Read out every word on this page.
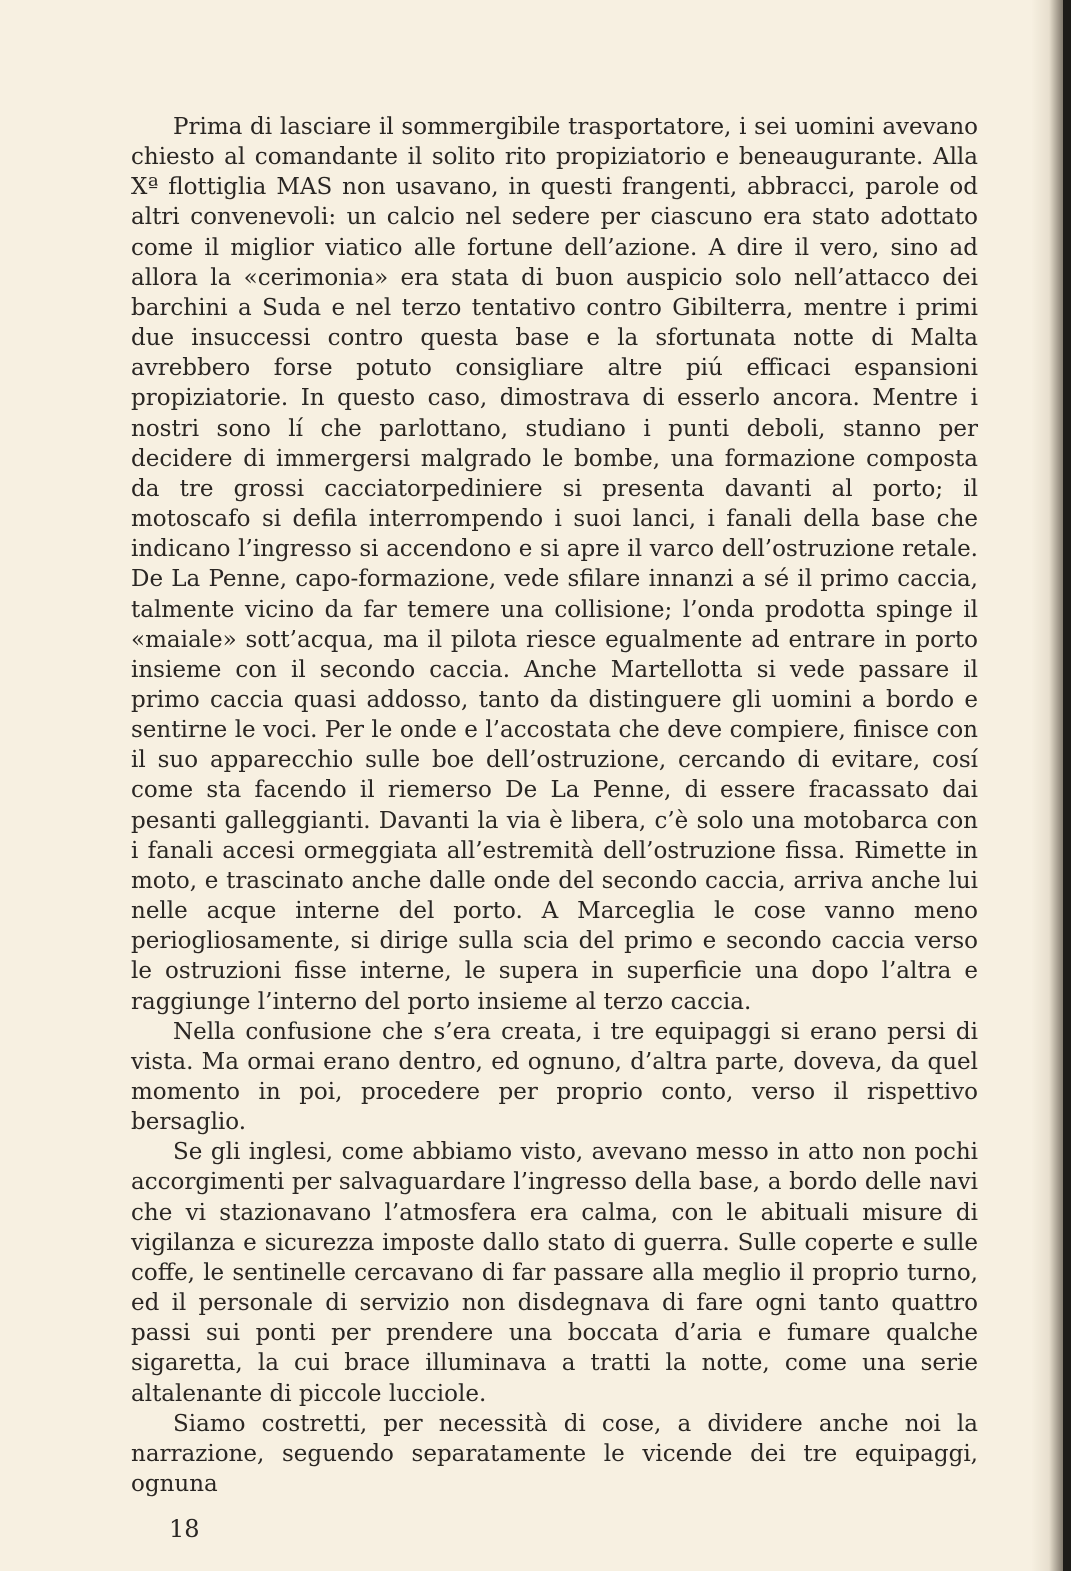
Prima di lasciare il sommergibile trasportatore, i sei uomini avevano chiesto al comandante il solito rito propiziatorio e beneaugurante. Alla Xª flottiglia MAS non usavano, in questi frangenti, abbracci, parole od altri convenevoli: un calcio nel sedere per ciascuno era stato adottato come il miglior viatico alle fortune dell’azione. A dire il vero, sino ad allora la «cerimonia» era stata di buon auspicio solo nell’attacco dei barchini a Suda e nel terzo tentativo contro Gibilterra, mentre i primi due insuccessi contro questa base e la sfortunata notte di Malta avrebbero forse potuto consigliare altre piú efficaci espansioni propiziatorie. In questo caso, dimostrava di esserlo ancora. Mentre i nostri sono lí che parlottano, studiano i punti deboli, stanno per decidere di immergersi malgrado le bombe, una formazione composta da tre grossi cacciatorpediniere si presenta davanti al porto; il motoscafo si defila interrompendo i suoi lanci, i fanali della base che indicano l’ingresso si accendono e si apre il varco dell’ostruzione retale. De La Penne, capo-formazione, vede sfilare innanzi a sé il primo caccia, talmente vicino da far temere una collisione; l’onda prodotta spinge il «maiale» sott’acqua, ma il pilota riesce egualmente ad entrare in porto insieme con il secondo caccia. Anche Martellotta si vede passare il primo caccia quasi addosso, tanto da distinguere gli uomini a bordo e sentirne le voci. Per le onde e l’accostata che deve compiere, finisce con il suo apparecchio sulle boe dell’ostruzione, cercando di evitare, cosí come sta facendo il riemerso De La Penne, di essere fracassato dai pesanti galleggianti. Davanti la via è libera, c’è solo una motobarca con i fanali accesi ormeggiata all’estremità dell’ostruzione fissa. Rimette in moto, e trascinato anche dalle onde del secondo caccia, arriva anche lui nelle acque interne del porto. A Marceglia le cose vanno meno periogliosamente, si dirige sulla scia del primo e secondo caccia verso le ostruzioni fisse interne, le supera in superficie una dopo l’altra e raggiunge l’interno del porto insieme al terzo caccia.

Nella confusione che s’era creata, i tre equipaggi si erano persi di vista. Ma ormai erano dentro, ed ognuno, d’altra parte, doveva, da quel momento in poi, procedere per proprio conto, verso il rispettivo bersaglio.

Se gli inglesi, come abbiamo visto, avevano messo in atto non pochi accorgimenti per salvaguardare l’ingresso della base, a bordo delle navi che vi stazionavano l’atmosfera era calma, con le abituali misure di vigilanza e sicurezza imposte dallo stato di guerra. Sulle coperte e sulle coffe, le sentinelle cercavano di far passare alla meglio il proprio turno, ed il personale di servizio non disdegnava di fare ogni tanto quattro passi sui ponti per prendere una boccata d’aria e fumare qualche sigaretta, la cui brace illuminava a tratti la notte, come una serie altalenante di piccole lucciole.

Siamo costretti, per necessità di cose, a dividere anche noi la narrazione, seguendo separatamente le vicende dei tre equipaggi, ognuna

18
